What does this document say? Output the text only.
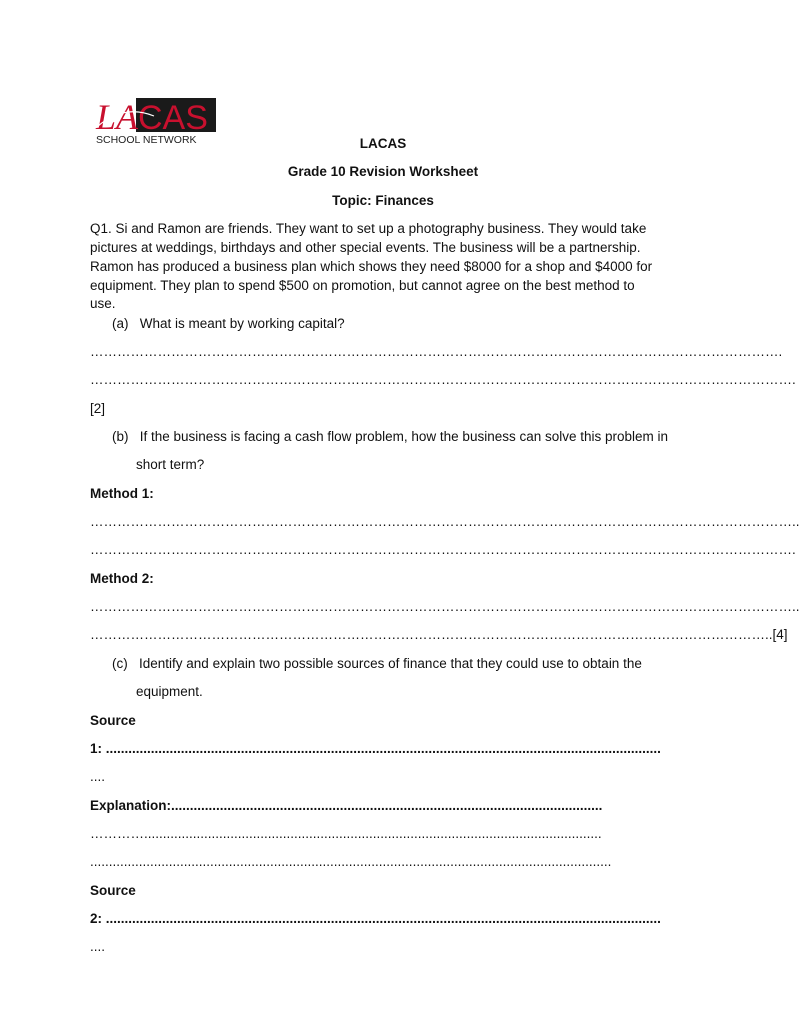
LA CAS
SCHOOL NETWORK	LACAS
Grade 10 Revision Worksheet
Topic: Finances
Q1. Si and Ramon are friends. They want to set up a photography business. They would take
pictures at weddings, birthdays and other special events. The business will be a partnership.
Ramon has produced a business plan which shows they need $8000 for a shop and $4000 for
equipment. They plan to spend $500 on promotion, but cannot agree on the best method to
use.
(a) What is meant by working capital?
……………………………………………………………………………………………………………………………………….
………………………………………………………………………………………………………………………………………….
[2]
(b) If the business is facing a cash flow problem, how the business can solve this problem in
short term?
Method 1:
…………………………………………………………………………………………………………………………………………..
………………………………………………………………………………………………………………………………………….
Method 2:
…………………………………………………………………………………………………………………………………………..
……………………………………………………………………………………………………………………………………..[4]
(c) Identify and explain two possible sources of finance that they could use to obtain the
equipment.
Source
1: ....................................................................................................................................................
....
Explanation:...................................................................................................................
…………..........................................................................................................................
...........................................................................................................................................
Source
2: ....................................................................................................................................................
....
